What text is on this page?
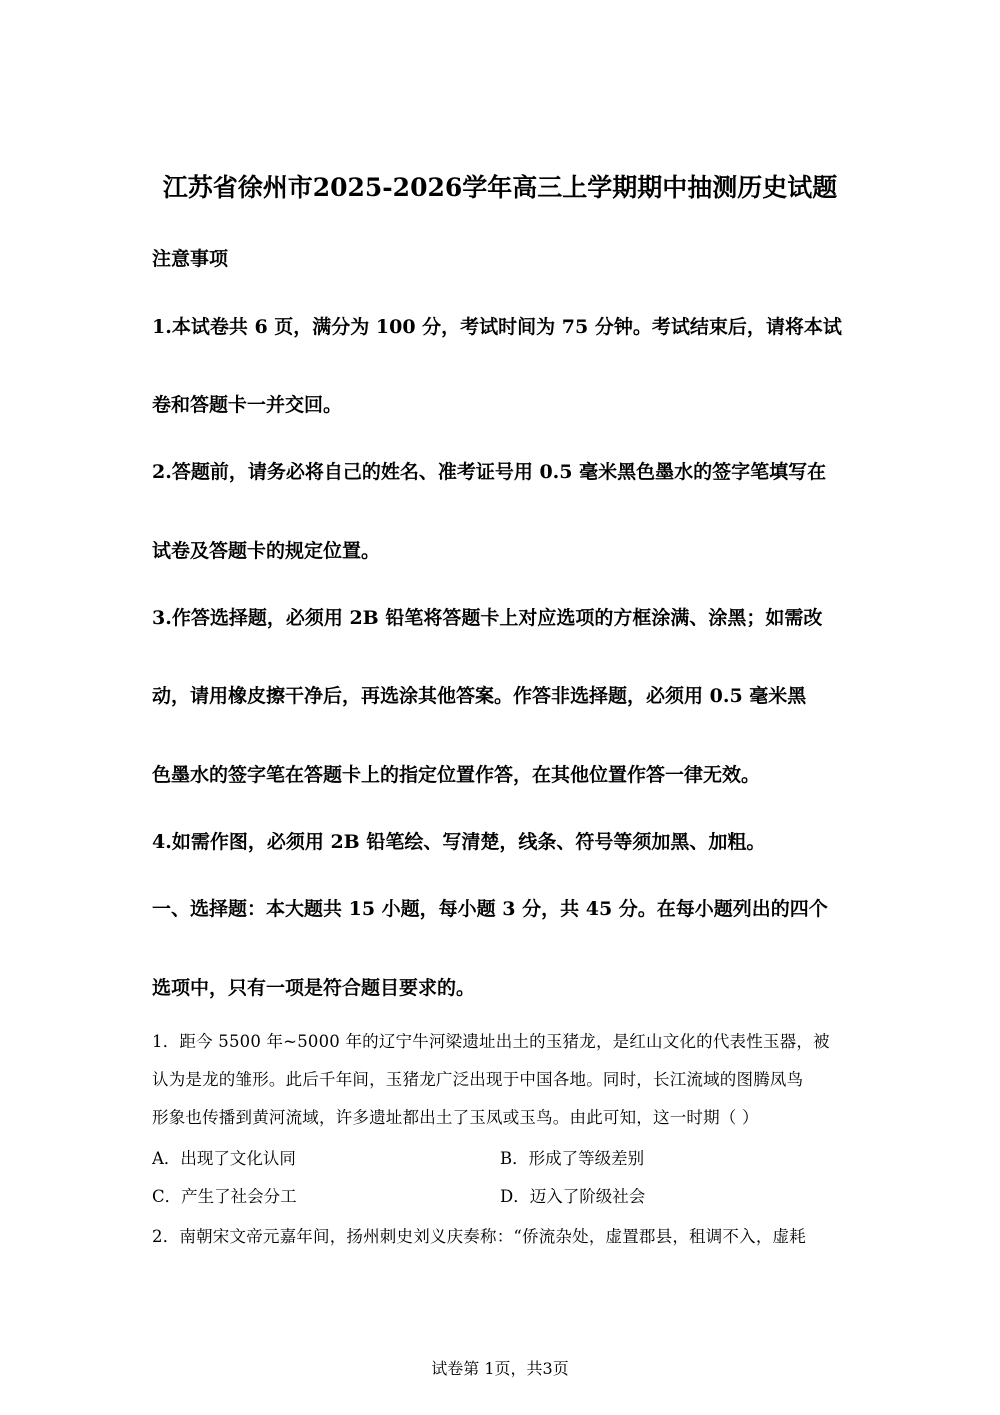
江苏省徐州市2025-2026学年高三上学期期中抽测历史试题
注意事项
1.本试卷共 6 页，满分为 100 分，考试时间为 75 分钟。考试结束后，请将本试
卷和答题卡一并交回。
2.答题前，请务必将自己的姓名、准考证号用 0.5 毫米黑色墨水的签字笔填写在
试卷及答题卡的规定位置。
3.作答选择题，必须用 2B 铅笔将答题卡上对应选项的方框涂满、涂黑；如需改
动，请用橡皮擦干净后，再选涂其他答案。作答非选择题，必须用 0.5 毫米黑
色墨水的签字笔在答题卡上的指定位置作答，在其他位置作答一律无效。
4.如需作图，必须用 2B 铅笔绘、写清楚，线条、符号等须加黑、加粗。
一、选择题：本大题共 15 小题，每小题 3 分，共 45 分。在每小题列出的四个
选项中，只有一项是符合题目要求的。
1．距今 5500 年~5000 年的辽宁牛河梁遗址出土的玉猪龙，是红山文化的代表性玉器，被
认为是龙的雏形。此后千年间，玉猪龙广泛出现于中国各地。同时，长江流域的图腾凤鸟
形象也传播到黄河流域，许多遗址都出土了玉凤或玉鸟。由此可知，这一时期（ ）
A．出现了文化认同	B．形成了等级差别
C．产生了社会分工	D．迈入了阶级社会
2．南朝宋文帝元嘉年间，扬州刺史刘义庆奏称：“侨流杂处，虚置郡县，租调不入，虚耗
试卷第 1页，共3页
